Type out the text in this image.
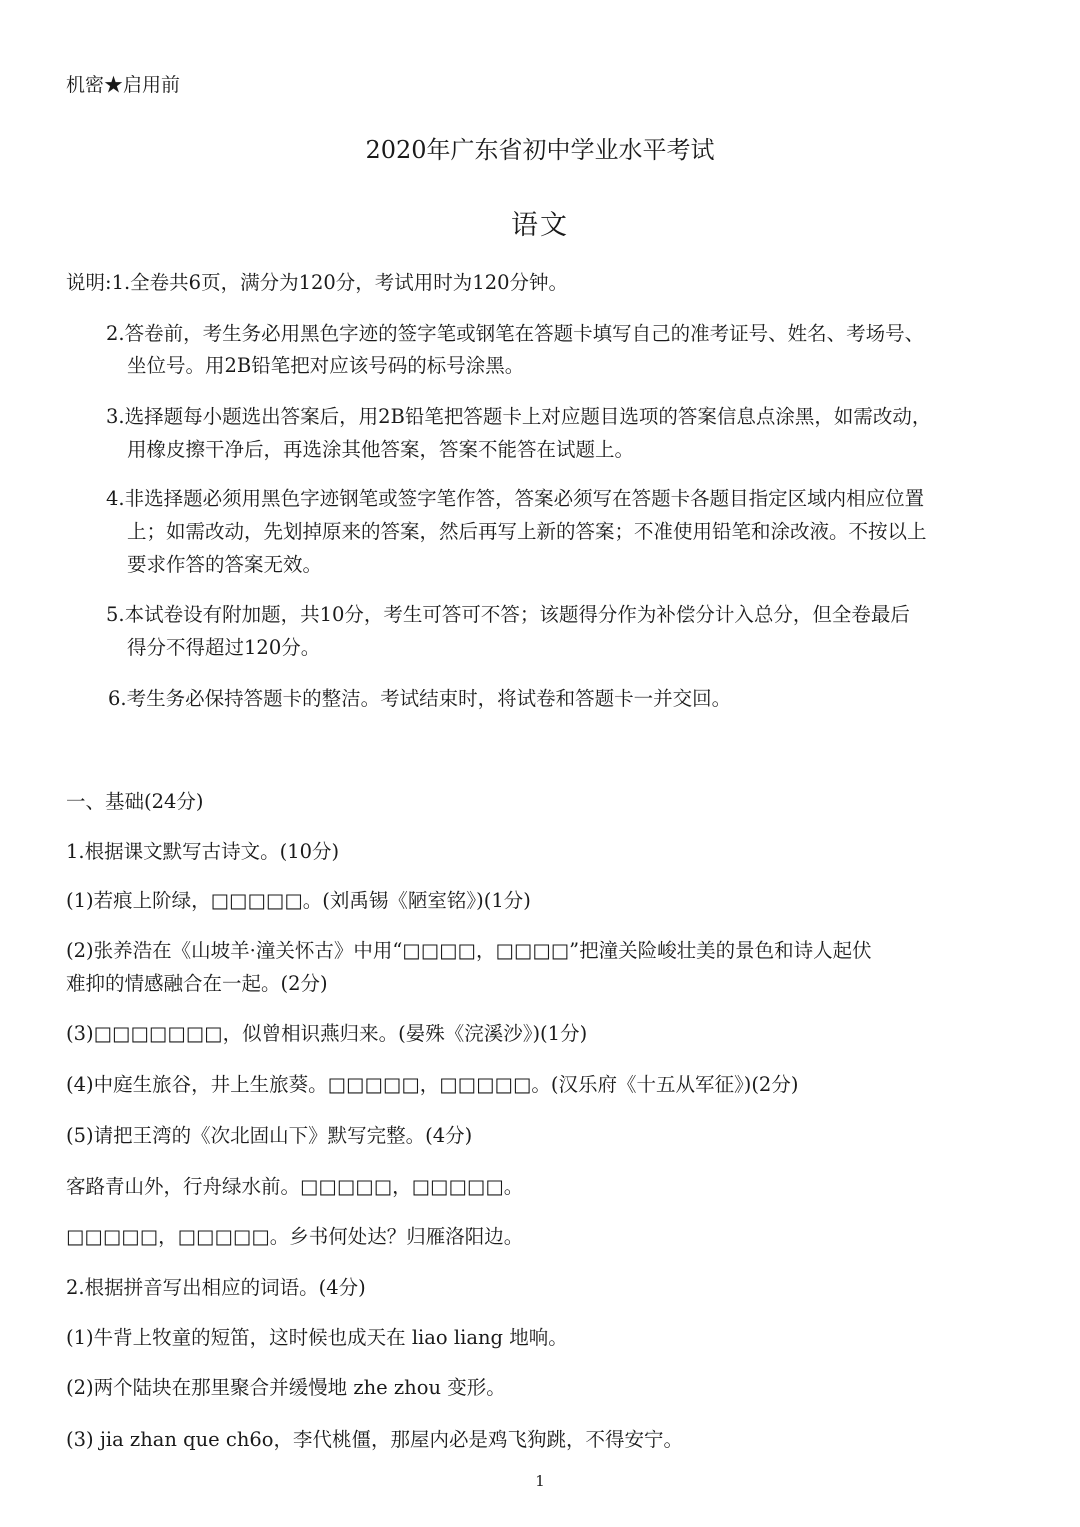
机密★启用前
2020年广东省初中学业水平考试
语文
说明:1.全卷共6页，满分为120分，考试用时为120分钟。
2.答卷前，考生务必用黑色字迹的签字笔或钢笔在答题卡填写自己的准考证号、姓名、考场号、
坐位号。用2B铅笔把对应该号码的标号涂黑。
3.选择题每小题选出答案后，用2B铅笔把答题卡上对应题目选项的答案信息点涂黑，如需改动，
用橡皮擦干净后，再选涂其他答案，答案不能答在试题上。
4.非选择题必须用黑色字迹钢笔或签字笔作答，答案必须写在答题卡各题目指定区域内相应位置
上；如需改动，先划掉原来的答案，然后再写上新的答案；不准使用铅笔和涂改液。不按以上
要求作答的答案无效。
5.本试卷设有附加题，共10分，考生可答可不答；该题得分作为补偿分计入总分，但全卷最后
得分不得超过120分。
6.考生务必保持答题卡的整洁。考试结束时，将试卷和答题卡一并交回。
一、基础(24分)
1.根据课文默写古诗文。(10分)
(1)若痕上阶绿，□□□□□。(刘禹锡《陋室铭》)(1分)
(2)张养浩在《山坡羊·潼关怀古》中用“□□□□，□□□□”把潼关险峻壮美的景色和诗人起伏
难抑的情感融合在一起。(2分)
(3)□□□□□□□，似曾相识燕归来。(晏殊《浣溪沙》)(1分)
(4)中庭生旅谷，井上生旅葵。□□□□□，□□□□□。(汉乐府《十五从军征》)(2分)
(5)请把王湾的《次北固山下》默写完整。(4分)
客路青山外，行舟绿水前。□□□□□，□□□□□。
□□□□□，□□□□□。乡书何处达？归雁洛阳边。
2.根据拼音写出相应的词语。(4分)
(1)牛背上牧童的短笛，这时候也成天在 liao liang 地响。
(2)两个陆块在那里聚合并缓慢地 zhe zhou 变形。
(3) jia zhan que ch6o，李代桃僵，那屋内必是鸡飞狗跳，不得安宁。
1
